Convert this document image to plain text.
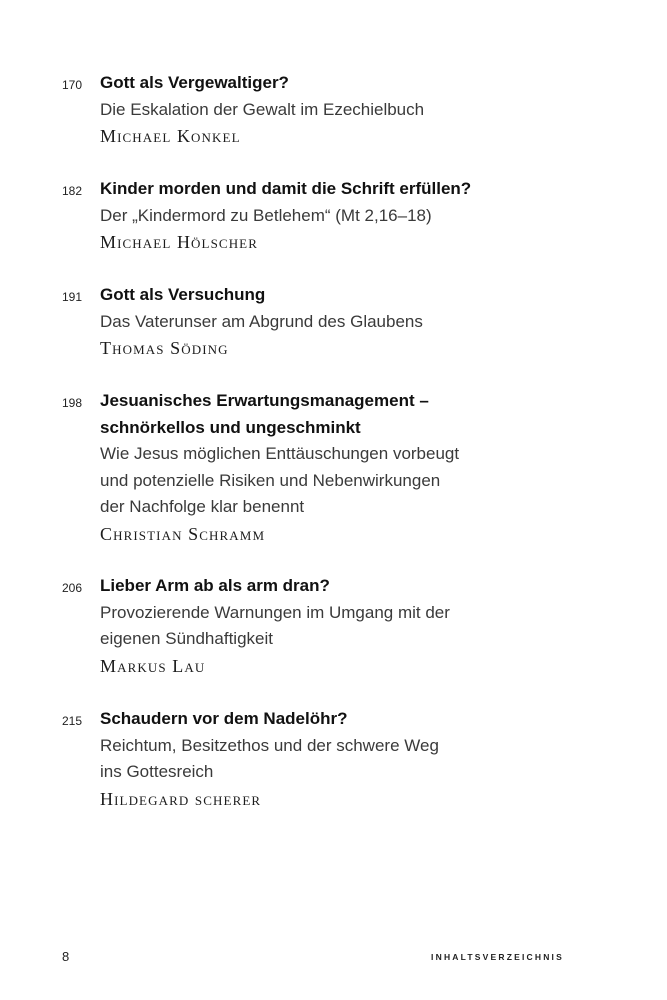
170 Gott als Vergewaltiger?
Die Eskalation der Gewalt im Ezechielbuch
Michael Konkel
182 Kinder morden und damit die Schrift erfüllen?
Der „Kindermord zu Betlehem“ (Mt 2,16–18)
Michael Hölscher
191 Gott als Versuchung
Das Vaterunser am Abgrund des Glaubens
Thomas Söding
198 Jesuanisches Erwartungsmanagement –
schnörkellos und ungeschminkt
Wie Jesus möglichen Enttäuschungen vorbeugt
und potenzielle Risiken und Nebenwirkungen
der Nachfolge klar benennt
Christian Schramm
206 Lieber Arm ab als arm dran?
Provozierende Warnungen im Umgang mit der
eigenen Sündhaftigkeit
Markus Lau
215 Schaudern vor dem Nadelöhr?
Reichtum, Besitzethos und der schwere Weg
ins Gottesreich
Hildegard scherer
8	INHALTSVERZEICHNIS
